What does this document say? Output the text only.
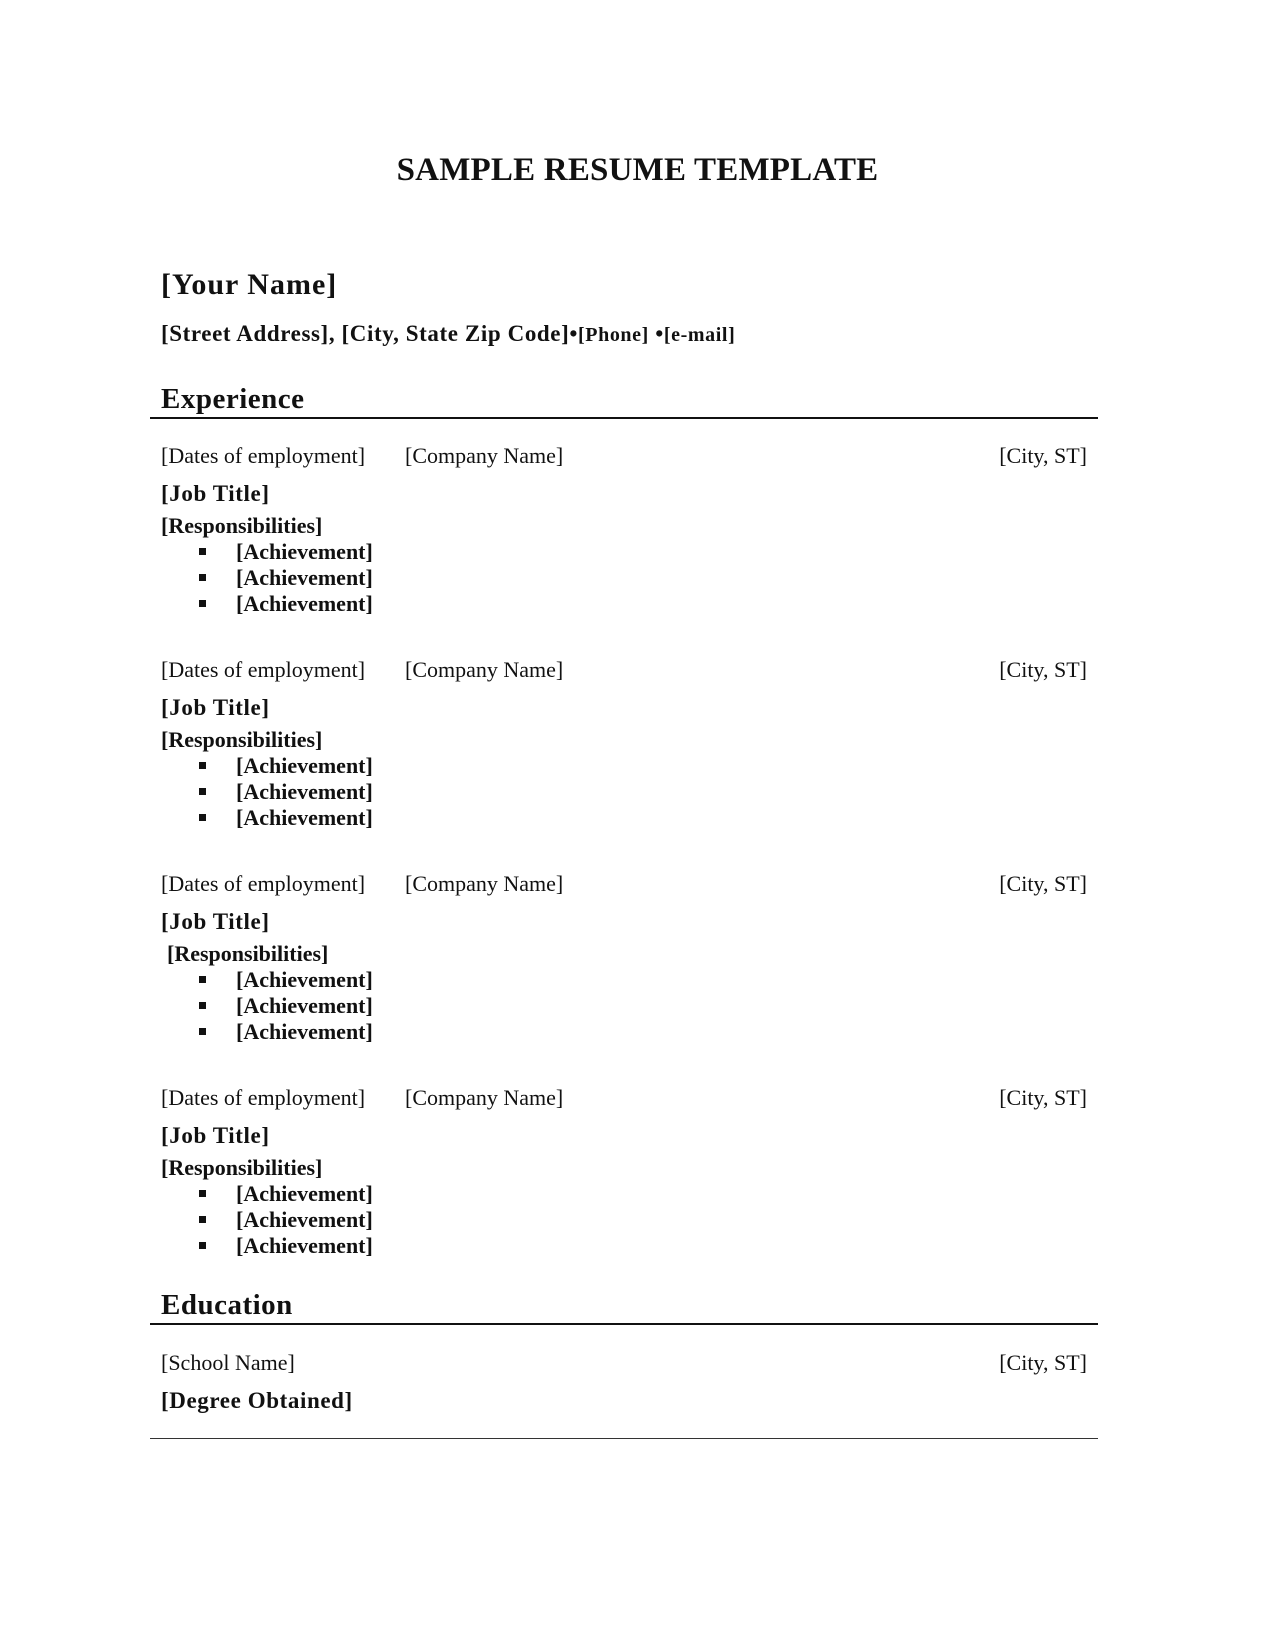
SAMPLE RESUME TEMPLATE
[Your Name]
[Street Address], [City, State Zip Code]•[Phone] •[e-mail]
Experience
[Dates of employment] [Company Name]	[City, ST]
[Job Title]
[Responsibilities]
[Achievement]
[Achievement]
[Achievement]
[Dates of employment] [Company Name]	[City, ST]
[Job Title]
[Responsibilities]
[Achievement]
[Achievement]
[Achievement]
[Dates of employment] [Company Name]	[City, ST]
[Job Title]
[Responsibilities]
[Achievement]
[Achievement]
[Achievement]
[Dates of employment] [Company Name]	[City, ST]
[Job Title]
[Responsibilities]
[Achievement]
[Achievement]
[Achievement]
Education
[School Name]	[City, ST]
[Degree Obtained]
